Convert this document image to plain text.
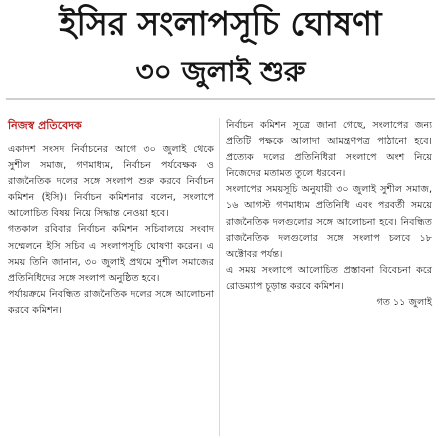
ইসির সংলাপসূচি ঘোষণা
৩০ জুলাই শুরু
নিজস্ব প্রতিবেদক

একাদশ সংসদ নির্বাচনের আগে ৩০ জুলাই থেকে সুশীল সমাজ, গণমাধ্যম, নির্বাচন পর্যবেক্ষক ও রাজনৈতিক দলের সঙ্গে সংলাপ শুরু করবে নির্বাচন কমিশন (ইসি)। নির্বাচন কমিশনার বলেন, সংলাপে আলোচিত বিষয় নিয়ে সিদ্ধান্ত নেওয়া হবে।

গতকাল রবিবার নির্বাচন কমিশন সচিবালয়ে সংবাদ সম্মেলনে ইসি সচিব এ সংলাপসূচি ঘোষণা করেন। এ সময় তিনি জানান, ৩০ জুলাই প্রথমে সুশীল সমাজের প্রতিনিধিদের সঙ্গে সংলাপ অনুষ্ঠিত হবে।

পর্যায়ক্রমে নিবন্ধিত রাজনৈতিক দলের সঙ্গে আলোচনা করবে কমিশন।

নির্বাচন কমিশন সূত্রে জানা গেছে, সংলাপের জন্য প্রতিটি পক্ষকে আলাদা আমন্ত্রণপত্র পাঠানো হবে। প্রত্যেক দলের প্রতিনিধিরা সংলাপে অংশ নিয়ে নিজেদের মতামত তুলে ধরবেন।

সংলাপের সময়সূচি অনুযায়ী ৩০ জুলাই সুশীল সমাজ, ১৬ আগস্ট গণমাধ্যম প্রতিনিধি এবং পরবর্তী সময়ে রাজনৈতিক দলগুলোর সঙ্গে আলোচনা হবে। নিবন্ধিত রাজনৈতিক দলগুলোর সঙ্গে সংলাপ চলবে ১৮ অক্টোবর পর্যন্ত।

এ সময় সংলাপে আলোচিত প্রস্তাবনা বিবেচনা করে রোডম্যাপ চূড়ান্ত করবে কমিশন।

গত ১১ জুলাই
